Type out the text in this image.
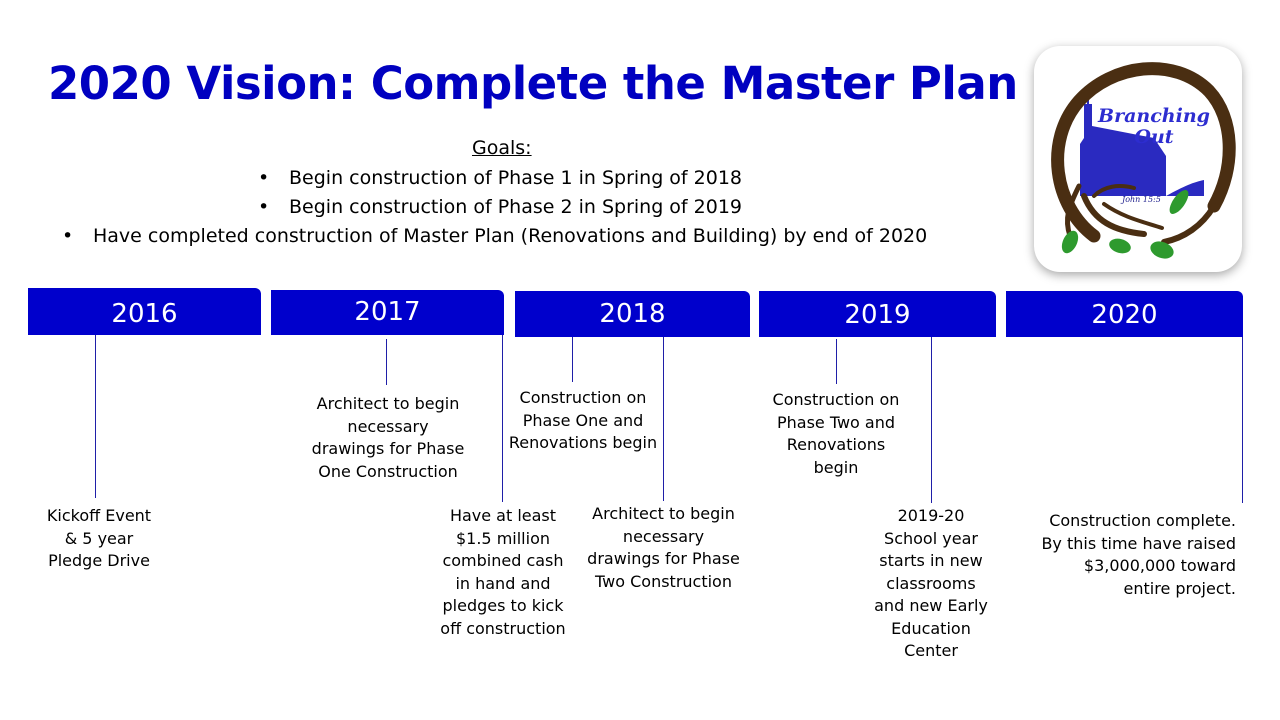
2020 Vision: Complete the Master Plan
Goals:
• Begin construction of Phase 1 in Spring of 2018
• Begin construction of Phase 2 in Spring of 2019
• Have completed construction of Master Plan (Renovations and Building) by end of 2020
Branching
Out
John 15:5
2016	2017	2018	2019	2020
Kickoff Event & 5 year Pledge Drive
Architect to begin necessary drawings for Phase One Construction
Have at least $1.5 million combined cash in hand and pledges to kick off construction
Construction on Phase One and Renovations begin
Architect to begin necessary drawings for Phase Two Construction
Construction on Phase Two and Renovations begin
2019-20 School year starts in new classrooms and new Early Education Center
Construction complete. By this time have raised $3,000,000 toward entire project.
